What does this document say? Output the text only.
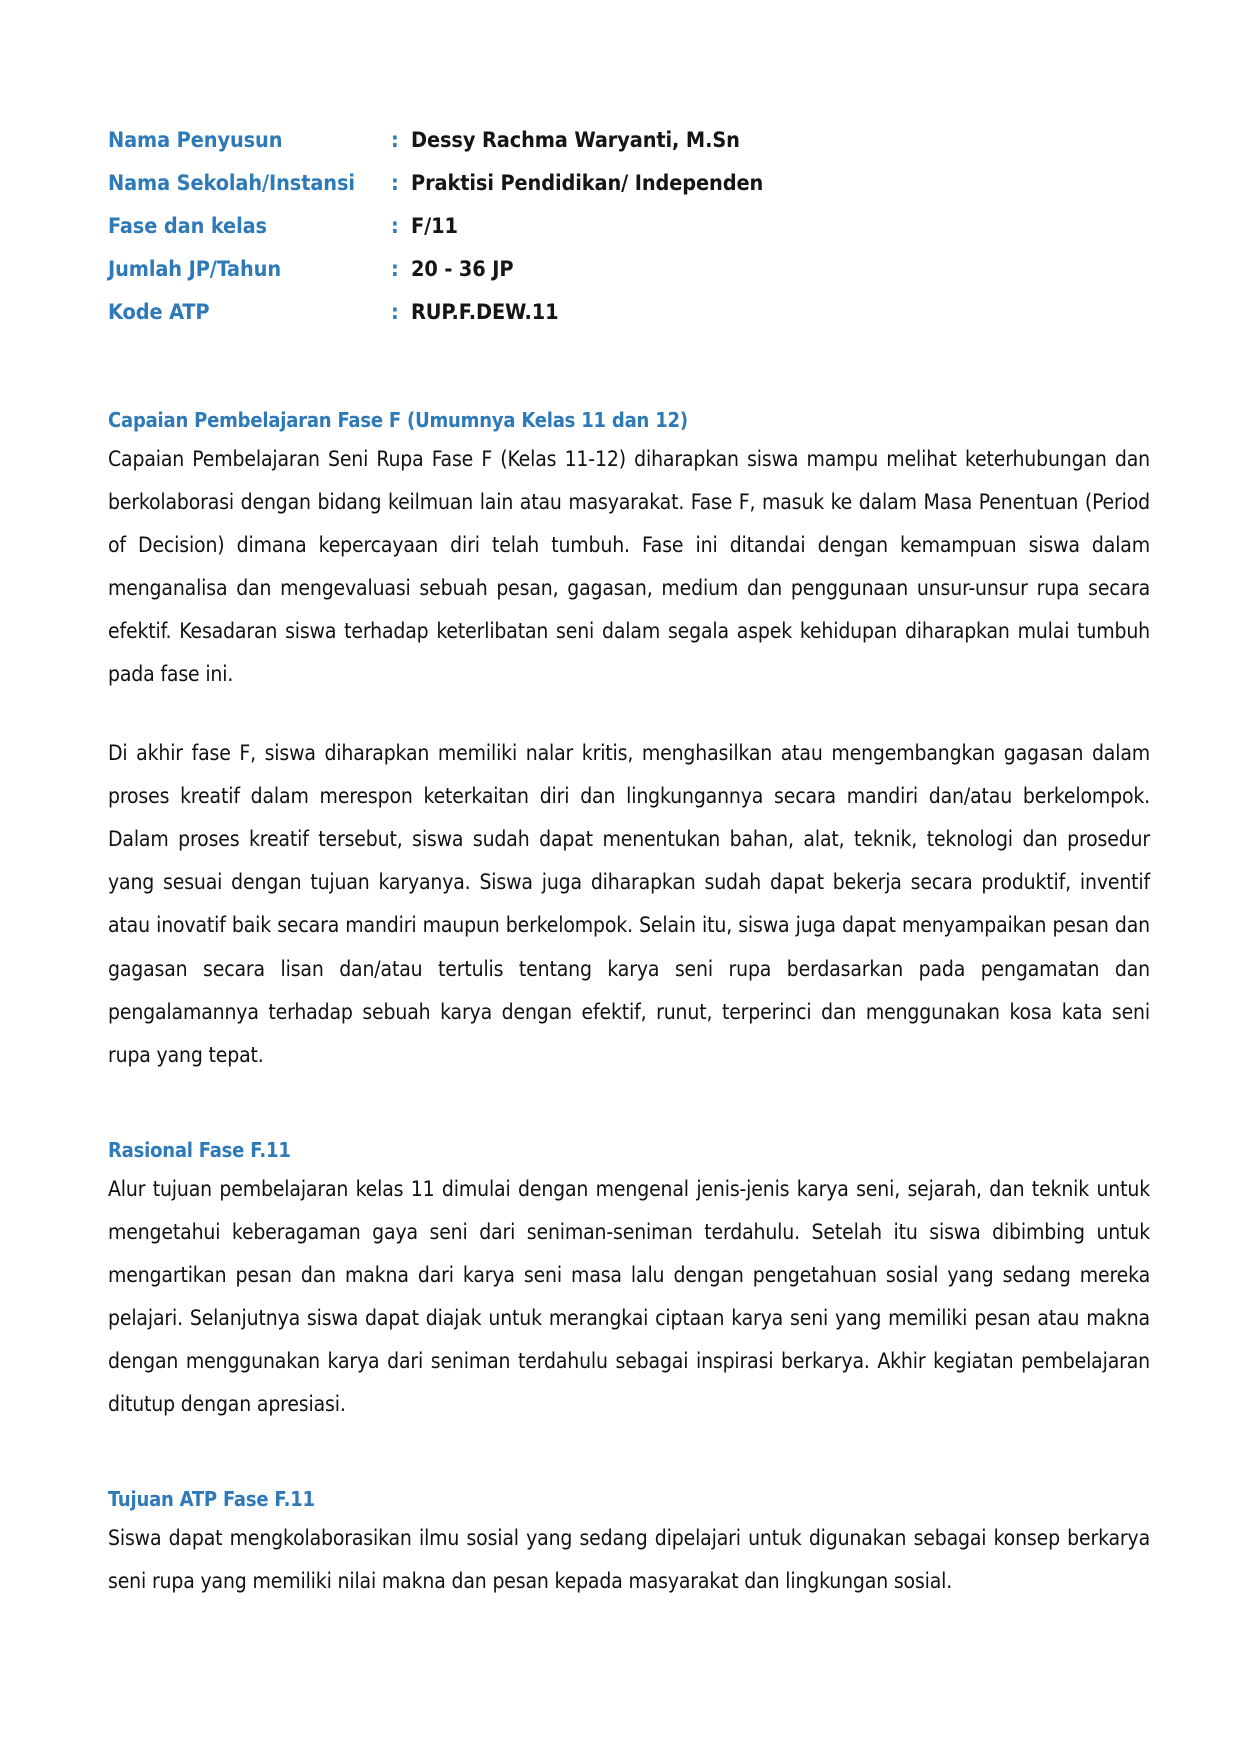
Nama Penyusun	:	Dessy Rachma Waryanti, M.Sn
Nama Sekolah/Instansi	:	Praktisi Pendidikan/ Independen
Fase dan kelas	:	F/11
Jumlah JP/Tahun	:	20 - 36 JP
Kode ATP	:	RUP.F.DEW.11
Capaian Pembelajaran Fase F (Umumnya Kelas 11 dan 12)

Capaian Pembelajaran Seni Rupa Fase F (Kelas 11-12) diharapkan siswa mampu melihat keterhubungan dan berkolaborasi dengan bidang keilmuan lain atau masyarakat. Fase F, masuk ke dalam Masa Penentuan (Period of Decision) dimana kepercayaan diri telah tumbuh. Fase ini ditandai dengan kemampuan siswa dalam menganalisa dan mengevaluasi sebuah pesan, gagasan, medium dan penggunaan unsur-unsur rupa secara efektif. Kesadaran siswa terhadap keterlibatan seni dalam segala aspek kehidupan diharapkan mulai tumbuh pada fase ini.

Di akhir fase F, siswa diharapkan memiliki nalar kritis, menghasilkan atau mengembangkan gagasan dalam proses kreatif dalam merespon keterkaitan diri dan lingkungannya secara mandiri dan/atau berkelompok. Dalam proses kreatif tersebut, siswa sudah dapat menentukan bahan, alat, teknik, teknologi dan prosedur yang sesuai dengan tujuan karyanya. Siswa juga diharapkan sudah dapat bekerja secara produktif, inventif atau inovatif baik secara mandiri maupun berkelompok. Selain itu, siswa juga dapat menyampaikan pesan dan gagasan secara lisan dan/atau tertulis tentang karya seni rupa berdasarkan pada pengamatan dan pengalamannya terhadap sebuah karya dengan efektif, runut, terperinci dan menggunakan kosa kata seni rupa yang tepat.

Rasional Fase F.11

Alur tujuan pembelajaran kelas 11 dimulai dengan mengenal jenis-jenis karya seni, sejarah, dan teknik untuk mengetahui keberagaman gaya seni dari seniman-seniman terdahulu. Setelah itu siswa dibimbing untuk mengartikan pesan dan makna dari karya seni masa lalu dengan pengetahuan sosial yang sedang mereka pelajari. Selanjutnya siswa dapat diajak untuk merangkai ciptaan karya seni yang memiliki pesan atau makna dengan menggunakan karya dari seniman terdahulu sebagai inspirasi berkarya. Akhir kegiatan pembelajaran ditutup dengan apresiasi.

Tujuan ATP Fase F.11

Siswa dapat mengkolaborasikan ilmu sosial yang sedang dipelajari untuk digunakan sebagai konsep berkarya seni rupa yang memiliki nilai makna dan pesan kepada masyarakat dan lingkungan sosial.
